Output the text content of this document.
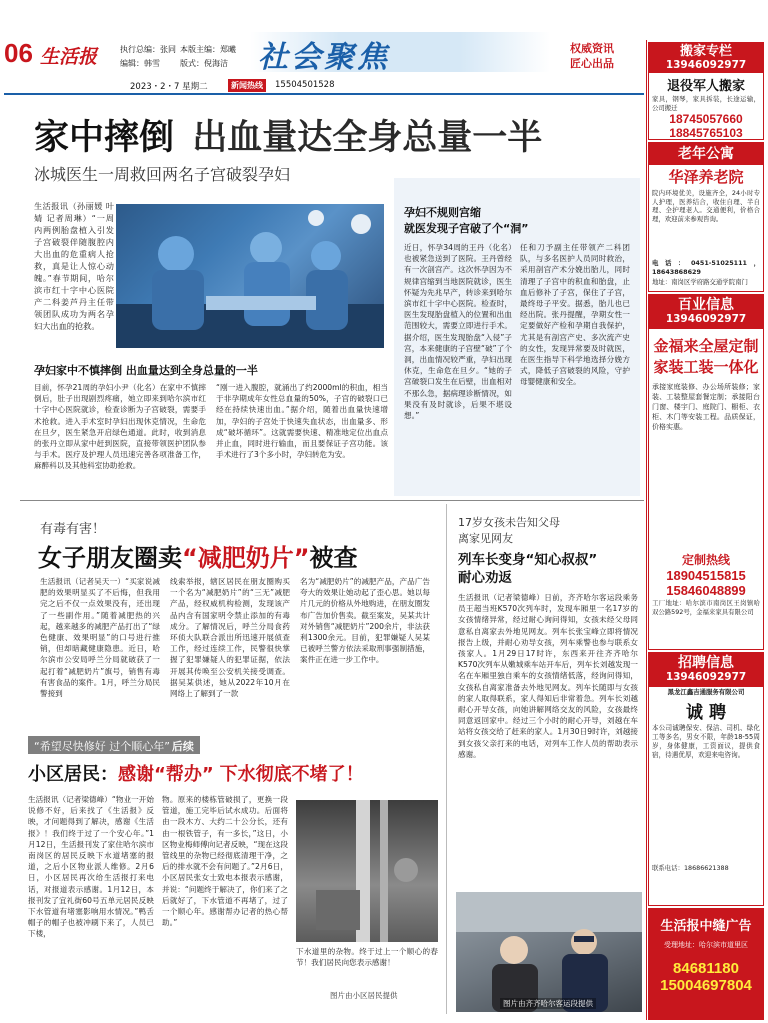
06 生活报	执行总编：张同 本版主编：郑曦
编辑：韩雪	版式：倪海洁 社会聚焦	权威资讯
匠心出品
2023・2・7 星期二	新闻热线	15504501528
家中摔倒 出血量达全身总量一半
冰城医生一周救回两名子宫破裂孕妇
生活报讯（孙丽媛 叶婧 记者周琳）“一周内两例胎盘植入引发子宫破裂伴随腹腔内大出血的危重病人抢救，真是让人惊心动魄。”春节期间，哈尔滨市红十字中心医院产二科姜芦丹主任带领团队成功为两名孕妇大出血的抢救。
孕妇家中不慎摔倒 出血量达到全身总量的一半
目前，怀孕21周的孕妇小尹（化名）在家中不慎摔倒后，肚子出现剧烈疼痛，她立即来到哈尔滨市红十字中心医院就诊，检查诊断为子宫破裂，需要手术抢救。进入手术室时孕妇出现休克情况，生命危在旦夕，医生紧急开启绿色通道。此时，收到消息的张丹立即从家中赶到医院，直接带领医护团队参与手术。医疗及护理人员迅速完善各项准备工作，麻醉科以及其他科室协助抢救。
“刚一进入腹腔，就涌出了约2000ml的积血，相当于非孕期成年女性总血量的50%，子宫的破裂口已经在持续快速出血。”据介绍，随着出血量快速增加，孕妇的子宫处于快速失血状态，出血量多、形成“破坏循环”。这就需要快速、精准地定位出血点并止血，同时进行输血，而且要保证子宫功能。该手术进行了3个多小时，孕妇转危为安。
孕妇不规则宫缩
就医发现子宫破了个“洞”
近日，怀孕34周的王丹（化名）也被紧急送到了医院。王丹曾经有一次剖宫产。这次怀孕因为不规律宫缩到当地医院就诊，医生怀疑为先兆早产，转诊来到哈尔滨市红十字中心医院。检查时，医生发现胎盘植入的位置和出血范围较大，需要立即进行手术。据介绍，医生发现胎盘“入侵”子宫，本来健康的子宫壁“破”了个洞，出血情况较严重，孕妇出现休克，生命危在旦夕。“她的子宫破裂口发生在后壁，出血相对不那么急，据病理诊断情况，如果没有及时就诊，后果不堪设想。”
任和刀予副主任带领产二科团队，与多名医护人员同时救治，采用剖宫产术分娩出胎儿，同时清理了子宫中的积血和胎盘，止血后修补了子宫，保住了子宫，最终母子平安。据悉，胎儿也已经出院。张丹提醒，孕期女性一定要做好产检和孕期自我保护，尤其是有剖宫产史、多次流产史的女性，发现异常要及时就医，在医生指导下科学地选择分娩方式，降低子宫破裂的风险，守护母婴健康和安全。
有毒有害！
女子朋友圈卖“减肥奶片”被查
生活报讯（记者吴天一）“买家说减肥的效果明显买了不后悔，但我用完之后不仅一点效果没有，还出现了一些副作用。”随着减肥热的兴起，越来越多的减肥产品打出了“绿色健康、效果明显”的口号进行推销，但却暗藏健康隐患。近日，哈尔滨市公安局呼兰分局就破获了一起打着“减肥奶片”旗号，销售有毒有害食品的案件。1月，呼兰分局民警接到
线索举报，辖区居民在朋友圈购买一个名为“减肥奶片”的“三无”减肥产品，经权威机构检测，发现该产品内含有国家明令禁止添加的有毒成分。了解情况后，呼兰分局食药环侦大队联合派出所迅速开展侦查工作，经过连续工作，民警很快掌握了犯罪嫌疑人的犯罪证据，依法开展其传唤至公安机关接受调查。据吴某供述，她从2022年10月在网络上了解到了一款
名为“减肥奶片”的减肥产品，产品广告夸大的效果让她动起了歪心思。她以每片几元的价格从外地购进，在朋友圈发布广告加价售卖。截至案发，吴某共计对外销售“减肥奶片”200余片，非法获利1300余元。目前，犯罪嫌疑人吴某已被呼兰警方依法采取刑事强制措施，案件正在进一步工作中。
17岁女孩未告知父母
离家见网友
列车长变身“知心叔叔”
耐心劝返
生活报讯（记者梁德峰）日前，齐齐哈尔客运段乘务员王超当班K570次列车时，发现车厢里一名17岁的女孩情绪异常，经过耐心询问得知，女孩未经父母同意私自离家去外地见网友。列车长张宝峰立即将情况报告上级，并耐心劝导女孩，列车乘警也参与联系女孩家人。1月29日17时许，东西来开往齐齐哈尔K570次列车从嫩城乘车站开车后，列车长刘越发现一名在车厢里独自乘车的女孩情绪低落，经询问得知，女孩私自离家准备去外地见网友。列车长随即与女孩的家人取得联系，家人得知后非常着急。列车长刘越耐心开导女孩，向她讲解网络交友的风险，女孩最终同意返回家中。经过三个小时的耐心开导，刘越在车站将女孩交给了赶来的家人。1月30日9时许，刘越接到女孩父亲打来的电话，对列车工作人员的帮助表示感谢。
图片由齐齐哈尔客运段提供
“希望尽快修好 过个顺心年” 后续
小区居民：感谢“帮办” 下水彻底不堵了！
生活报讯（记者梁德峰）“物业一开始说修不好，后来找了《生活报》反映，才问题得到了解决，感谢《生活报》！我们终于过了一个安心年。”1月12日，生活报刊发了家住哈尔滨市南岗区的居民反映下水道堵塞的报道，之后小区物业派人维修。2月6日，小区居民再次给生活报打来电话，对报道表示感谢。1月12日，本报刊发了宜礼街60号五单元居民反映下水管道有堵塞影响用水情况。”鸭舌帽子的帽子也被冲刷下来了，人员已下楼，
物。原来的楼栋管破损了，更换一段管道，施工完毕后试水成功。后面将由一段木方、大约二十公分长，还有由一根铁管子，有一多长，”这日，小区物业梅师傅向记者反映，“现在这段管线里的杂物已经彻底清理干净，之后的排水就不会有问题了。”2月6日，小区居民张女士致电本报表示感谢，并说：“问题终于解决了，你们来了之后就好了，下水管道不再堵了，过了一个顺心年。感谢帮办记者的热心帮助。”
下水道里的杂物。终于过上一个顺心的春节！我们居民向您表示感谢！
图片由小区居民提供
搬家专栏
13946092977
退役军人搬家
家具，钢琴，家具拆装，长途运输，公司搬迁
18745057660
18845765103
老年公寓
华泽养老院
院内环境优美，设施齐全，24小时专人护理，医养结合，收住自理、半自理、全护理老人。交通便利，价格合理，欢迎前来参观咨询。
电话：0451-51025111，18643868629
地址：南岗区学府路交通学院南门
百业信息
13946092977
金福来全屋定制
家装工装一体化
承接家庭装修、办公场所装修；家装、工装整屋套餐定制；承接阳台门窗、楼宇门、庭院门、橱柜、衣柜、木门等安装工程。品质保证，价格实惠。
定制热线
18904515815
15846048899
工厂地址：哈尔滨市南岗区王岗镇哈双公路592号，金福来家具有限公司
招聘信息
13946092977
黑龙江鑫吉通服务有限公司
诚 聘
本公司诚聘保安、保洁、司机、绿化工等多名，男女不限，年龄18-55周岁，身体健康，工资面议，提供食宿，待遇优厚，欢迎来电咨询。
联系电话：18686621388
生活报中缝广告
受理地址：哈尔滨市道里区
84681180
15004697804
